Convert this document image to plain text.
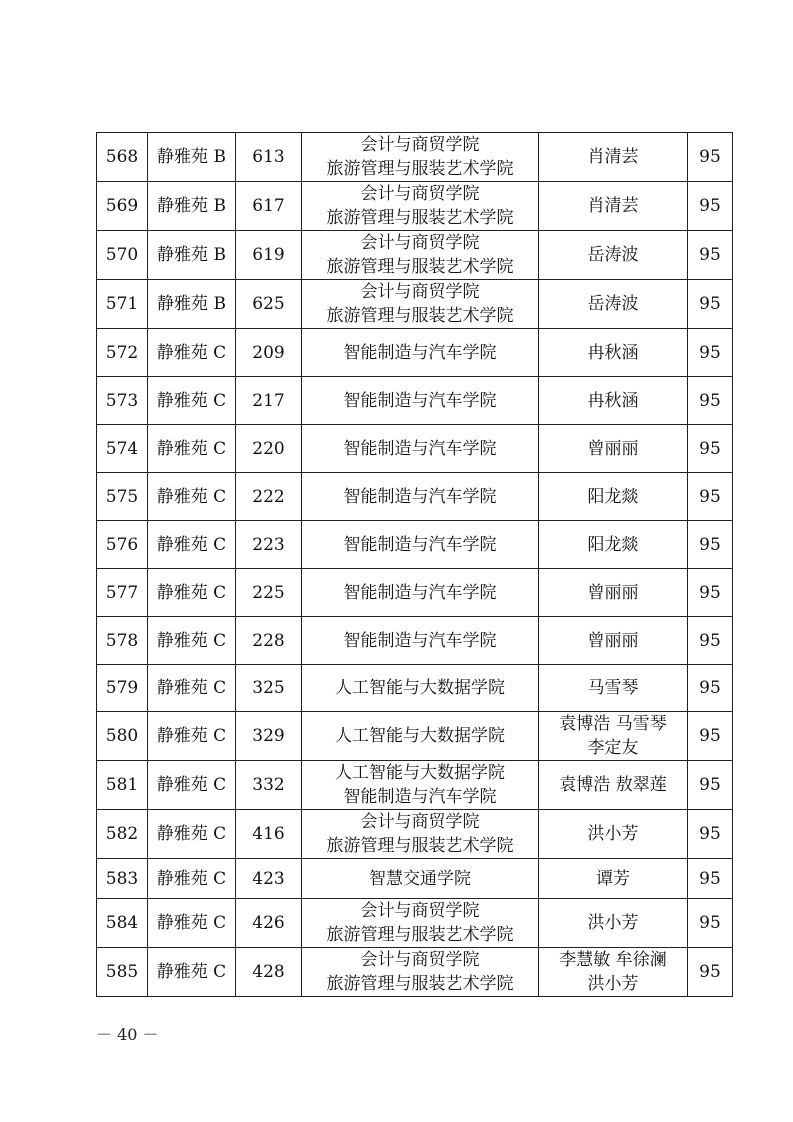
568	静雅苑 B	613	会计与商贸学院
旅游管理与服装艺术学院	肖清芸	95
569	静雅苑 B	617	会计与商贸学院
旅游管理与服装艺术学院	肖清芸	95
570	静雅苑 B	619	会计与商贸学院
旅游管理与服装艺术学院	岳涛波	95
571	静雅苑 B	625	会计与商贸学院
旅游管理与服装艺术学院	岳涛波	95
572	静雅苑 C	209	智能制造与汽车学院	冉秋涵	95
573	静雅苑 C	217	智能制造与汽车学院	冉秋涵	95
574	静雅苑 C	220	智能制造与汽车学院	曾丽丽	95
575	静雅苑 C	222	智能制造与汽车学院	阳龙燚	95
576	静雅苑 C	223	智能制造与汽车学院	阳龙燚	95
577	静雅苑 C	225	智能制造与汽车学院	曾丽丽	95
578	静雅苑 C	228	智能制造与汽车学院	曾丽丽	95
579	静雅苑 C	325	人工智能与大数据学院	马雪琴	95
580	静雅苑 C	329	人工智能与大数据学院	袁博浩 马雪琴
李定友	95
581	静雅苑 C	332	人工智能与大数据学院
智能制造与汽车学院	袁博浩 敖翠莲	95
582	静雅苑 C	416	会计与商贸学院
旅游管理与服装艺术学院	洪小芳	95
583	静雅苑 C	423	智慧交通学院	谭芳	95
584	静雅苑 C	426	会计与商贸学院
旅游管理与服装艺术学院	洪小芳	95
585	静雅苑 C	428	会计与商贸学院
旅游管理与服装艺术学院	李慧敏 牟徐澜
洪小芳	95
－ 40 －
